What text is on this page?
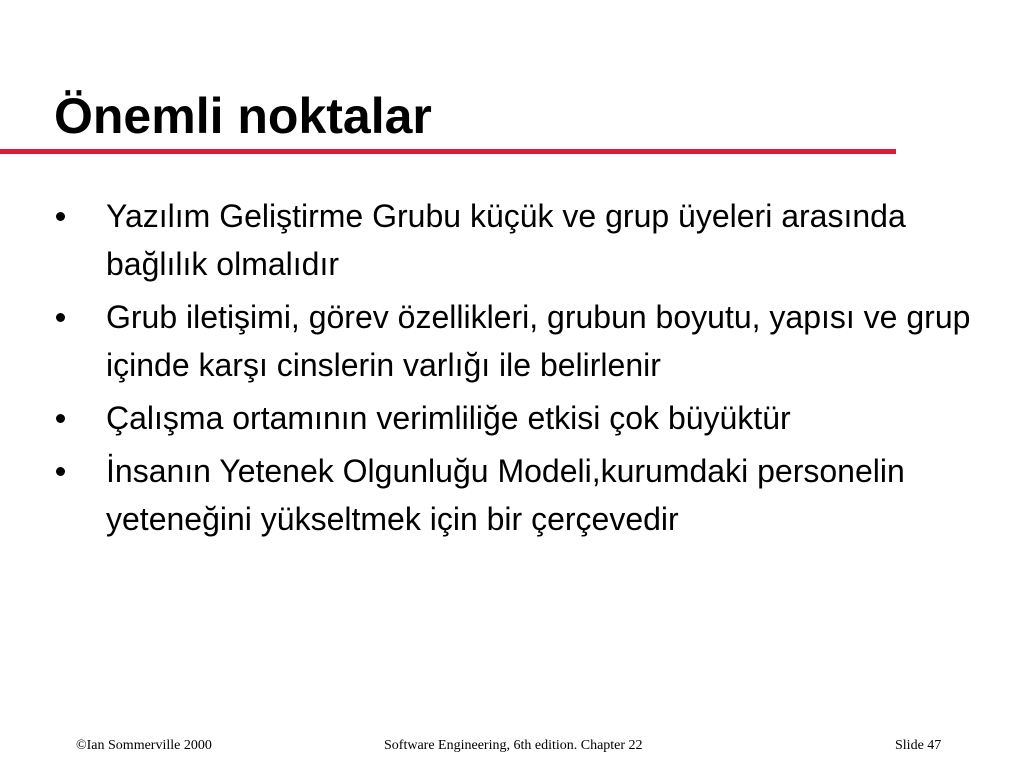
Önemli noktalar
Yazılım Geliştirme Grubu küçük ve grup üyeleri arasında bağlılık olmalıdır
Grub iletişimi, görev özellikleri, grubun boyutu, yapısı ve grup içinde karşı cinslerin varlığı ile belirlenir
Çalışma ortamının verimliliğe etkisi çok büyüktür
İnsanın Yetenek Olgunluğu Modeli,kurumdaki personelin yeteneğini yükseltmek için bir çerçevedir
©Ian Sommerville 2000	Software Engineering, 6th edition. Chapter 22	Slide 47
